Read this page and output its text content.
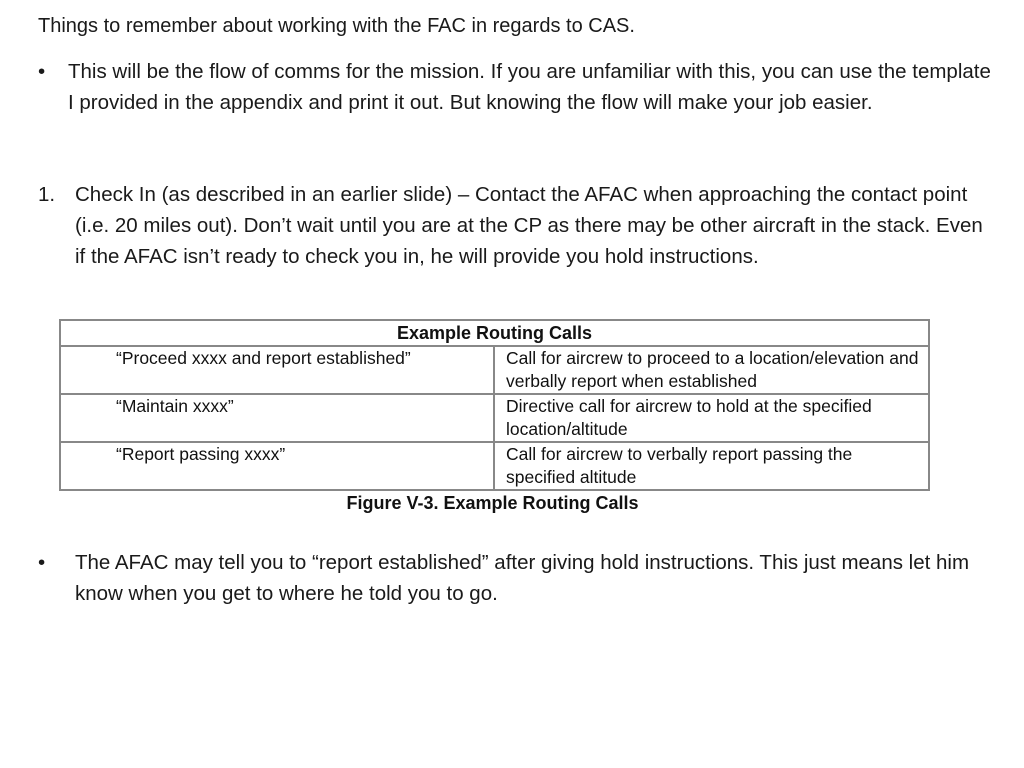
Things to remember about working with the FAC in regards to CAS.
•	This will be the flow of comms for the mission. If you are unfamiliar with this, you can use the template I provided in the appendix and print it out. But knowing the flow will make your job easier.
1. Check In (as described in an earlier slide) – Contact the AFAC when approaching the contact point (i.e. 20 miles out). Don’t wait until you are at the CP as there may be other aircraft in the stack. Even if the AFAC isn’t ready to check you in, he will provide you hold instructions.
Example Routing Calls	

“Proceed xxxx and report established”	Call for aircrew to proceed to a location/elevation and verbally report when established

“Maintain xxxx”	Directive call for aircrew to hold at the specified location/altitude

“Report passing xxxx”	Call for aircrew to verbally report passing the specified altitude
Figure V-3. Example Routing Calls
•	The AFAC may tell you to “report established” after giving hold instructions. This just means let him know when you get to where he told you to go.
